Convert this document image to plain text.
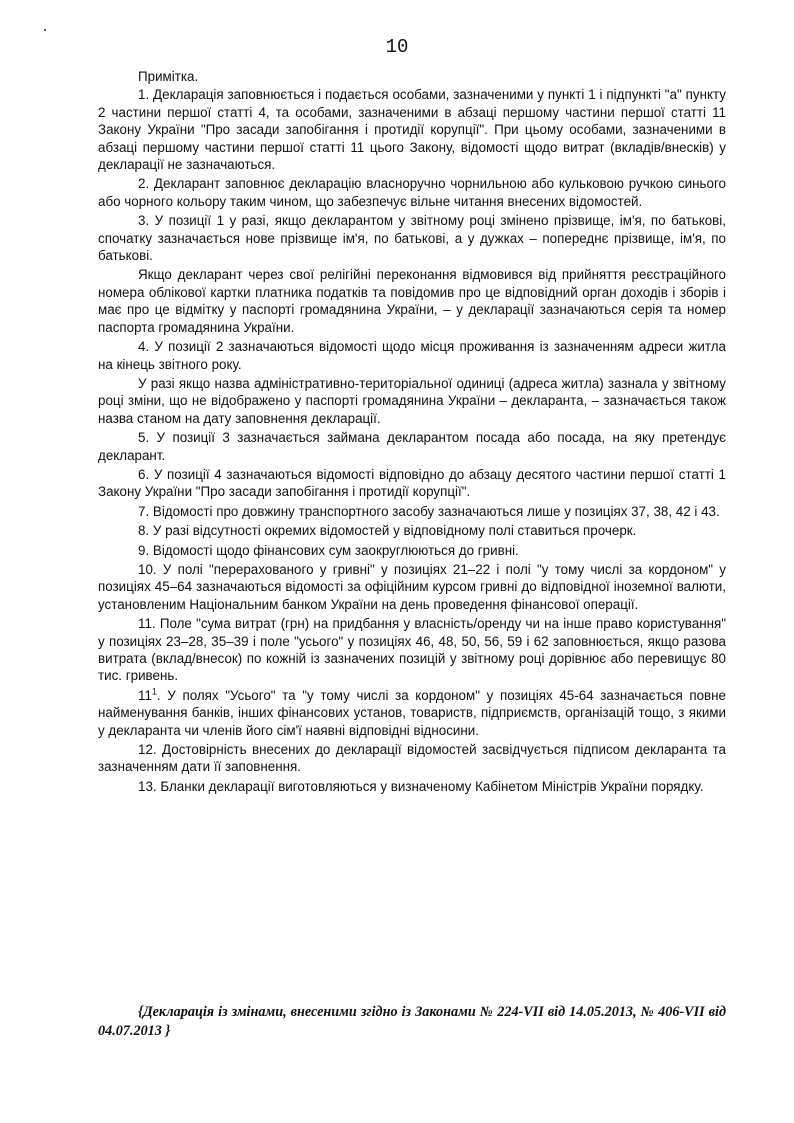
10

Примітка.

1. Декларація заповнюється і подається особами, зазначеними у пункті 1 і підпункті "а" пункту 2 частини першої статті 4, та особами, зазначеними в абзаці першому частини першої статті 11 Закону України "Про засади запобігання і протидії корупції". При цьому особами, зазначеними в абзаці першому частини першої статті 11 цього Закону, відомості щодо витрат (вкладів/внесків) у декларації не зазначаються.

2. Декларант заповнює декларацію власноручно чорнильною або кульковою ручкою синього або чорного кольору таким чином, що забезпечує вільне читання внесених відомостей.

3. У позиції 1 у разі, якщо декларантом у звітному році змінено прізвище, ім'я, по батькові, спочатку зазначається нове прізвище ім'я, по батькові, а у дужках – попереднє прізвище, ім'я, по батькові.

Якщо декларант через свої релігійні переконання відмовився від прийняття реєстраційного номера облікової картки платника податків та повідомив про це відповідний орган доходів і зборів і має про це відмітку у паспорті громадянина України, – у декларації зазначаються серія та номер паспорта громадянина України.

4. У позиції 2 зазначаються відомості щодо місця проживання із зазначенням адреси житла на кінець звітного року.

У разі якщо назва адміністративно-територіальної одиниці (адреса житла) зазнала у звітному році зміни, що не відображено у паспорті громадянина України – декларанта, – зазначається також назва станом на дату заповнення декларації.

5. У позиції 3 зазначається займана декларантом посада або посада, на яку претендує декларант.

6. У позиції 4 зазначаються відомості відповідно до абзацу десятого частини першої статті 1 Закону України "Про засади запобігання і протидії корупції".

7. Відомості про довжину транспортного засобу зазначаються лише у позиціях 37, 38, 42 і 43.

8. У разі відсутності окремих відомостей у відповідному полі ставиться прочерк.

9. Відомості щодо фінансових сум заокруглюються до гривні.

10. У полі "перерахованого у гривні" у позиціях 21–22 і полі "у тому числі за кордоном" у позиціях 45–64 зазначаються відомості за офіційним курсом гривні до відповідної іноземної валюти, установленим Національним банком України на день проведення фінансової операції.

11. Поле "сума витрат (грн) на придбання у власність/оренду чи на інше право користування" у позиціях 23–28, 35–39 і поле "усього" у позиціях 46, 48, 50, 56, 59 і 62 заповнюється, якщо разова витрата (вклад/внесок) по кожній із зазначених позицій у звітному році дорівнює або перевищує 80 тис. гривень.

$11^1$. У полях "Усього" та "у тому числі за кордоном" у позиціях 45-64 зазначається повне найменування банків, інших фінансових установ, товариств, підприємств, організацій тощо, з якими у декларанта чи членів його сім'ї наявні відповідні відносини.

12. Достовірність внесених до декларації відомостей засвідчується підписом декларанта та зазначенням дати її заповнення.

13. Бланки декларації виготовляються у визначеному Кабінетом Міністрів України порядку.

{Декларація із змінами, внесеними згідно із Законами № 224-VII від 14.05.2013, № 406-VII від 04.07.2013 }
